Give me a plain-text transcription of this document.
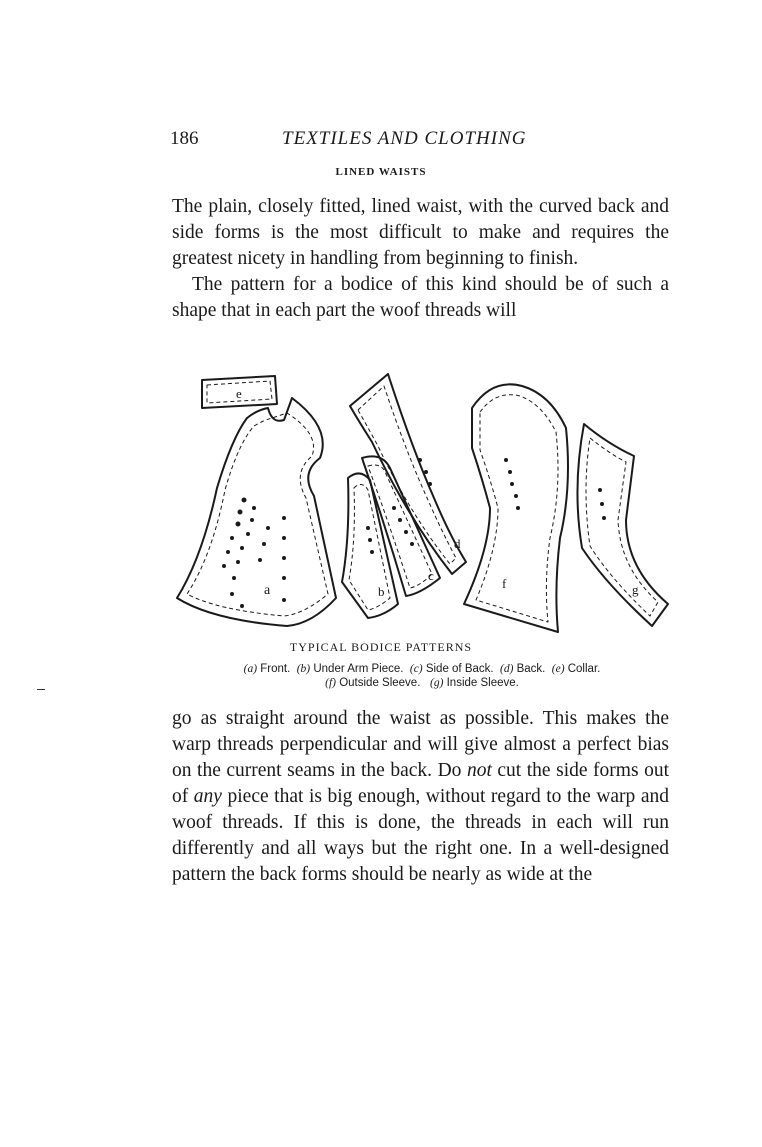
186	TEXTILES AND CLOTHING
LINED WAISTS

The plain, closely fitted, lined waist, with the curved back and side forms is the most difficult to make and requires the greatest nicety in handling from beginning to finish.

The pattern for a bodice of this kind should be of such a shape that in each part the woof threads will

e
a	b
c
d
f	g
TYPICAL BODICE PATTERNS
(a) Front. (b) Under Arm Piece. (c) Side of Back. (d) Back. (e) Collar.
(f) Outside Sleeve. (g) Inside Sleeve.

go as straight around the waist as possible. This makes the warp threads perpendicular and will give almost a perfect bias on the current seams in the back. Do not cut the side forms out of any piece that is big enough, without regard to the warp and woof threads. If this is done, the threads in each will run differently and all ways but the right one. In a well-designed pattern the back forms should be nearly as wide at the
